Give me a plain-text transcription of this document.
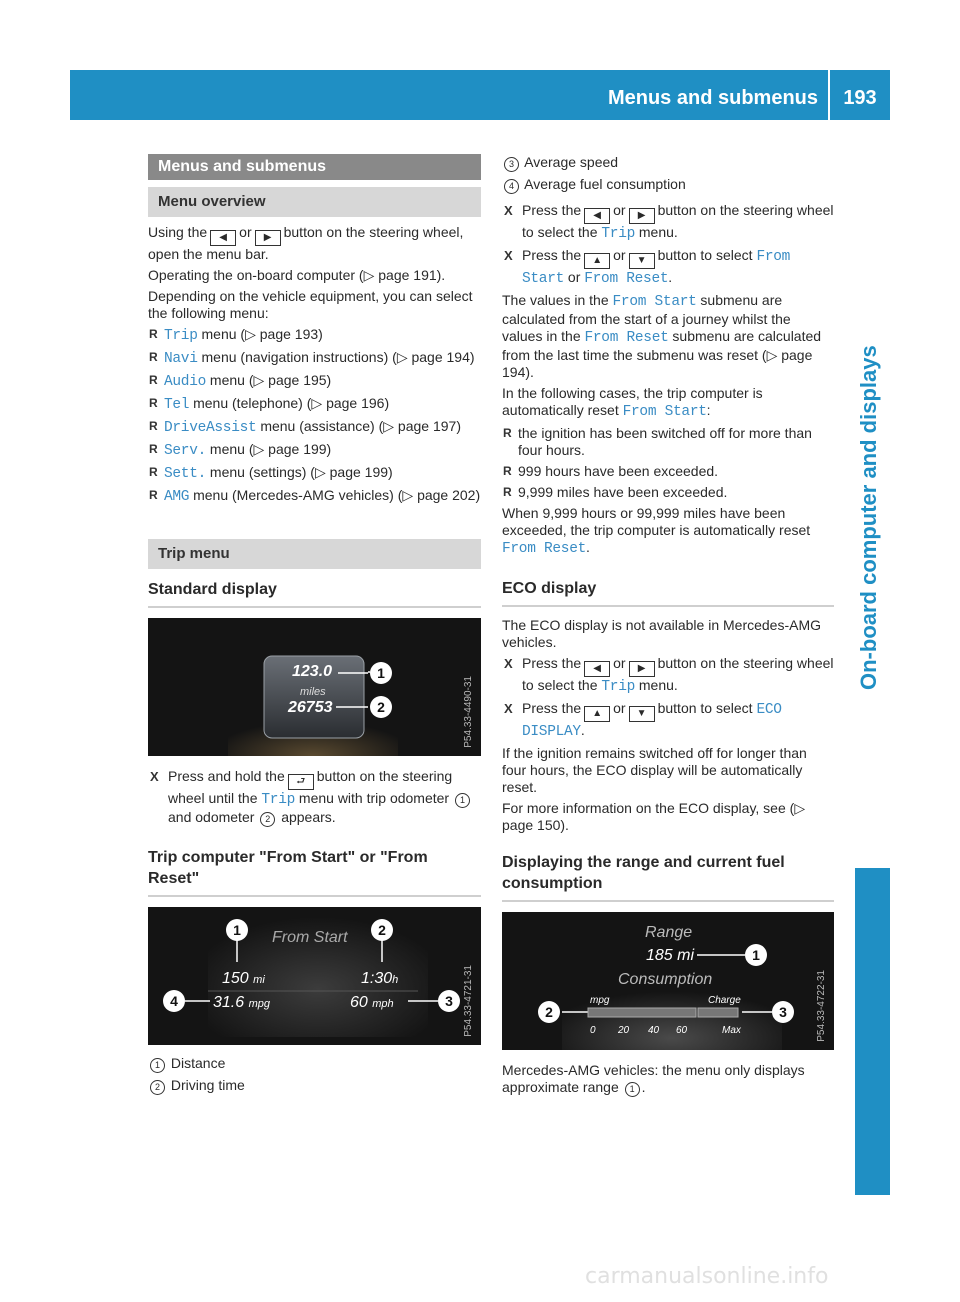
Menus and submenus	193
On-board computer and displays
Menus and submenus
Menu overview

Using the ◀ or ▶ button on the steering wheel, open the menu bar.

Operating the on-board computer (▷ page 191).

Depending on the vehicle equipment, you can select the following menu:

R Trip menu (▷ page 193)
R Navi menu (navigation instructions) (▷ page 194)
R Audio menu (▷ page 195)
R Tel menu (telephone) (▷ page 196)
R DriveAssist menu (assistance) (▷ page 197)
R Serv. menu (▷ page 199)
R Sett. menu (settings) (▷ page 199)
R AMG menu (Mercedes-AMG vehicles) (▷ page 202)
Trip menu
Standard display
123.0
miles
26753
1
2	P54.33-4490-31
X Press and hold the ⮐ button on the steering wheel until the Trip menu with trip odometer 1 and odometer 2 appears.
Trip computer "From Start" or "From Reset"
From Start
150 mi	1:30h
31.6 mpg	60 mph
1	2
3
4	P54.33-4721-31
1 Distance
2 Driving time
3 Average speed
4 Average fuel consumption
X Press the ◀ or ▶ button on the steering wheel to select the Trip menu.
X Press the ▲ or ▼ button to select From Start or From Reset.

The values in the From Start submenu are calculated from the start of a journey whilst the values in the From Reset submenu are calculated from the last time the submenu was reset (▷ page 194).

In the following cases, the trip computer is automatically reset From Start:

R the ignition has been switched off for more than four hours.
R 999 hours have been exceeded.
R 9,999 miles have been exceeded.

When 9,999 hours or 99,999 miles have been exceeded, the trip computer is automatically reset From Reset.

ECO display

The ECO display is not available in Mercedes-AMG vehicles.

X Press the ◀ or ▶ button on the steering wheel to select the Trip menu.
X Press the ▲ or ▼ button to select ECO DISPLAY.

If the ignition remains switched off for longer than four hours, the ECO display will be automatically reset.

For more information on the ECO display, see (▷ page 150).

Displaying the range and current fuel consumption
Range
185 mi
Consumption
mpg	Charge
0 20 40 60	Max
1
2	3	P54.33-4722-31

Mercedes-AMG vehicles: the menu only displays approximate range 1 .

carmanualsonline.info
